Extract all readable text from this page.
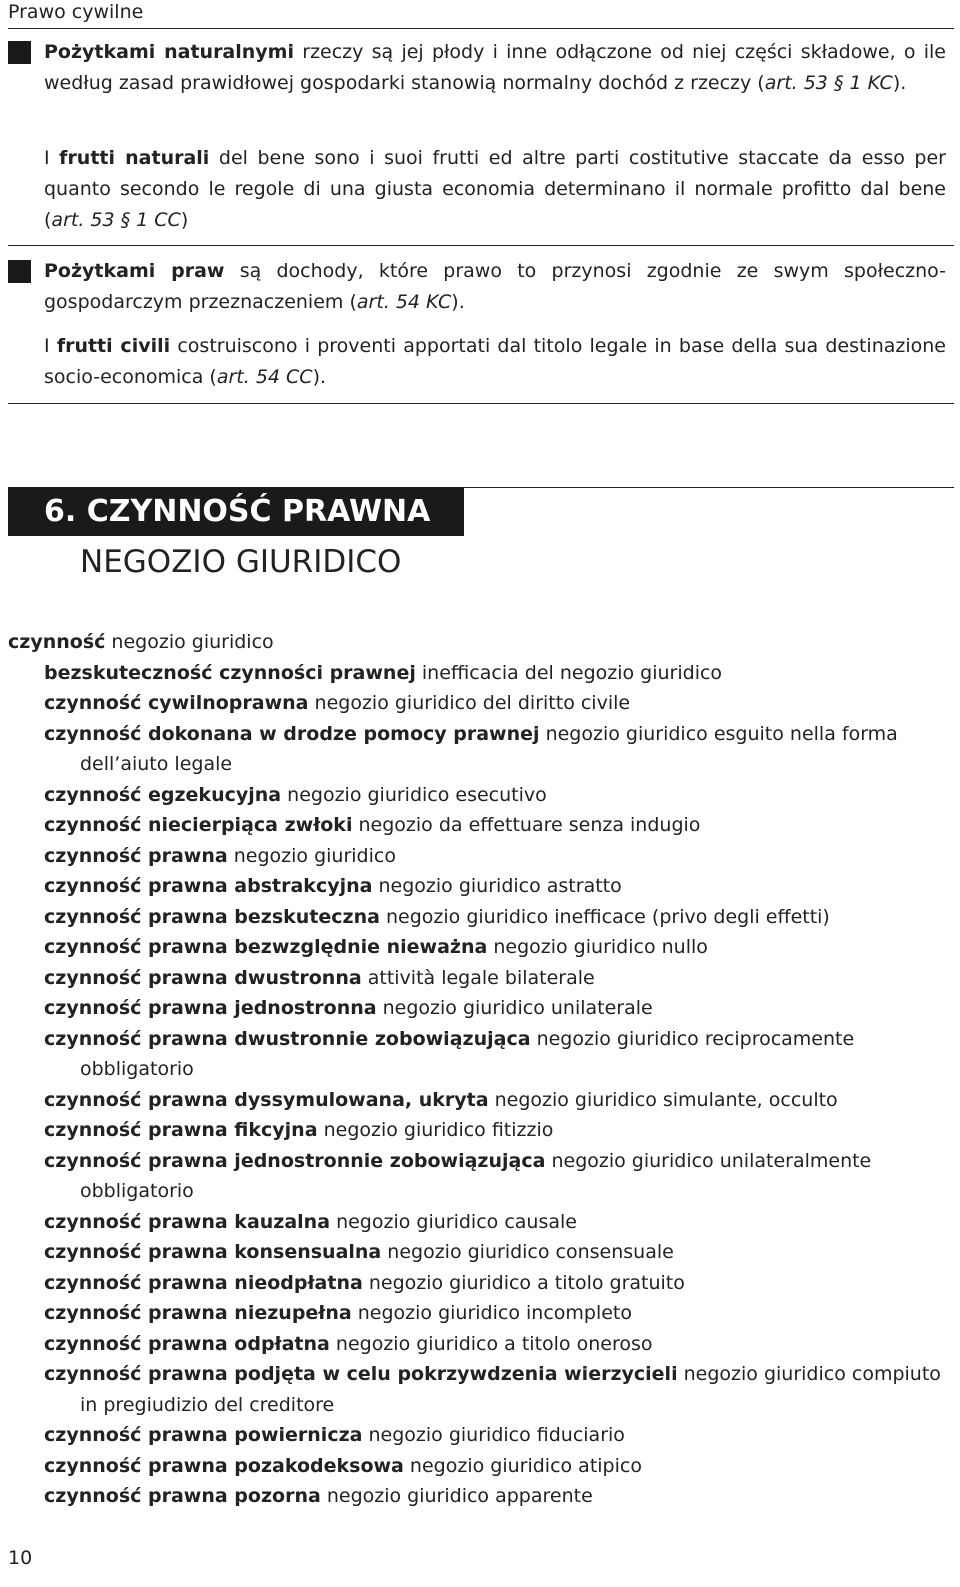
Prawo cywilne

Pożytkami naturalnymi rzeczy są jej płody i inne odłączone od niej części składowe, o ile według zasad prawidłowej gospodarki stanowią normalny dochód z rzeczy (art. 53 § 1 KC).

I frutti naturali del bene sono i suoi frutti ed altre parti costitutive staccate da esso per quanto secondo le regole di una giusta economia determinano il normale profitto dal bene (art. 53 § 1 CC)

Pożytkami praw są dochody, które prawo to przynosi zgodnie ze swym społeczno-gospodarczym przeznaczeniem (art. 54 KC).

I frutti civili costruiscono i proventi apportati dal titolo legale in base della sua destinazione socio-economica (art. 54 CC).

6. CZYNNOŚĆ PRAWNA
NEGOZIO GIURIDICO

czynność negozio giuridico

bezskuteczność czynności prawnej inefficacia del negozio giuridico

czynność cywilnoprawna negozio giuridico del diritto civile

czynność dokonana w drodze pomocy prawnej negozio giuridico esguito nella forma dell’aiuto legale

czynność egzekucyjna negozio giuridico esecutivo

czynność niecierpiąca zwłoki negozio da effettuare senza indugio

czynność prawna negozio giuridico

czynność prawna abstrakcyjna negozio giuridico astratto

czynność prawna bezskuteczna negozio giuridico inefficace (privo degli effetti)

czynność prawna bezwzględnie nieważna negozio giuridico nullo

czynność prawna dwustronna attività legale bilaterale

czynność prawna jednostronna negozio giuridico unilaterale

czynność prawna dwustronnie zobowiązująca negozio giuridico reciprocamente obbligatorio

czynność prawna dyssymulowana, ukryta negozio giuridico simulante, occulto

czynność prawna fikcyjna negozio giuridico fitizzio

czynność prawna jednostronnie zobowiązująca negozio giuridico unilateralmente obbligatorio

czynność prawna kauzalna negozio giuridico causale

czynność prawna konsensualna negozio giuridico consensuale

czynność prawna nieodpłatna negozio giuridico a titolo gratuito

czynność prawna niezupełna negozio giuridico incompleto

czynność prawna odpłatna negozio giuridico a titolo oneroso

czynność prawna podjęta w celu pokrzywdzenia wierzycieli negozio giuridico compiuto in pregiudizio del creditore

czynność prawna powiernicza negozio giuridico fiduciario

czynność prawna pozakodeksowa negozio giuridico atipico

czynność prawna pozorna negozio giuridico apparente

10
